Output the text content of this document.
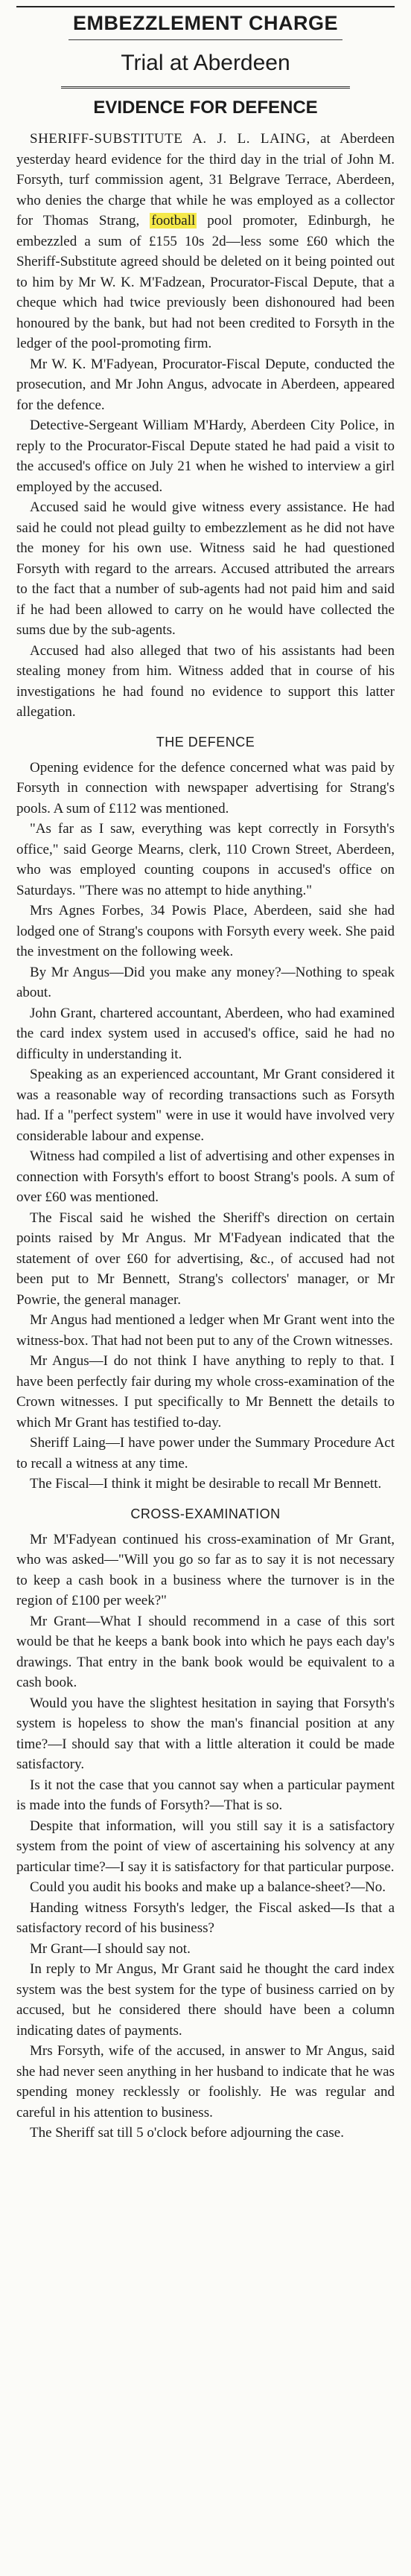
EMBEZZLEMENT CHARGE
Trial at Aberdeen
EVIDENCE FOR DEFENCE

SHERIFF-SUBSTITUTE A. J. L. LAING, at Aberdeen yesterday heard evidence for the third day in the trial of John M. Forsyth, turf commission agent, 31 Belgrave Terrace, Aberdeen, who denies the charge that while he was employed as a collector for Thomas Strang, football pool promoter, Edinburgh, he embezzled a sum of £155 10s 2d—less some £60 which the Sheriff-Substitute agreed should be deleted on it being pointed out to him by Mr W. K. M'Fadzean, Procurator-Fiscal Depute, that a cheque which had twice previously been dishonoured had been honoured by the bank, but had not been credited to Forsyth in the ledger of the pool-promoting firm.

Mr W. K. M'Fadyean, Procurator-Fiscal Depute, conducted the prosecution, and Mr John Angus, advocate in Aberdeen, appeared for the defence.

Detective-Sergeant William M'Hardy, Aberdeen City Police, in reply to the Procurator-Fiscal Depute stated he had paid a visit to the accused's office on July 21 when he wished to interview a girl employed by the accused.

Accused said he would give witness every assistance. He had said he could not plead guilty to embezzlement as he did not have the money for his own use. Witness said he had questioned Forsyth with regard to the arrears. Accused attributed the arrears to the fact that a number of sub-agents had not paid him and said if he had been allowed to carry on he would have collected the sums due by the sub-agents.

Accused had also alleged that two of his assistants had been stealing money from him. Witness added that in course of his investigations he had found no evidence to support this latter allegation.

THE DEFENCE

Opening evidence for the defence concerned what was paid by Forsyth in connection with newspaper advertising for Strang's pools. A sum of £112 was mentioned.

"As far as I saw, everything was kept correctly in Forsyth's office," said George Mearns, clerk, 110 Crown Street, Aberdeen, who was employed counting coupons in accused's office on Saturdays. "There was no attempt to hide anything."

Mrs Agnes Forbes, 34 Powis Place, Aberdeen, said she had lodged one of Strang's coupons with Forsyth every week. She paid the investment on the following week.

By Mr Angus—Did you make any money?—Nothing to speak about.

John Grant, chartered accountant, Aberdeen, who had examined the card index system used in accused's office, said he had no difficulty in understanding it.

Speaking as an experienced accountant, Mr Grant considered it was a reasonable way of recording transactions such as Forsyth had. If a "perfect system" were in use it would have involved very considerable labour and expense.

Witness had compiled a list of advertising and other expenses in connection with Forsyth's effort to boost Strang's pools. A sum of over £60 was mentioned.

The Fiscal said he wished the Sheriff's direction on certain points raised by Mr Angus. Mr M'Fadyean indicated that the statement of over £60 for advertising, &c., of accused had not been put to Mr Bennett, Strang's collectors' manager, or Mr Powrie, the general manager.

Mr Angus had mentioned a ledger when Mr Grant went into the witness-box. That had not been put to any of the Crown witnesses.

Mr Angus—I do not think I have anything to reply to that. I have been perfectly fair during my whole cross-examination of the Crown witnesses. I put specifically to Mr Bennett the details to which Mr Grant has testified to-day.

Sheriff Laing—I have power under the Summary Procedure Act to recall a witness at any time.

The Fiscal—I think it might be desirable to recall Mr Bennett.

CROSS-EXAMINATION

Mr M'Fadyean continued his cross-examination of Mr Grant, who was asked—"Will you go so far as to say it is not necessary to keep a cash book in a business where the turnover is in the region of £100 per week?"

Mr Grant—What I should recommend in a case of this sort would be that he keeps a bank book into which he pays each day's drawings. That entry in the bank book would be equivalent to a cash book.

Would you have the slightest hesitation in saying that Forsyth's system is hopeless to show the man's financial position at any time?—I should say that with a little alteration it could be made satisfactory.

Is it not the case that you cannot say when a particular payment is made into the funds of Forsyth?—That is so.

Despite that information, will you still say it is a satisfactory system from the point of view of ascertaining his solvency at any particular time?—I say it is satisfactory for that particular purpose.

Could you audit his books and make up a balance-sheet?—No.

Handing witness Forsyth's ledger, the Fiscal asked—Is that a satisfactory record of his business?

Mr Grant—I should say not.

In reply to Mr Angus, Mr Grant said he thought the card index system was the best system for the type of business carried on by accused, but he considered there should have been a column indicating dates of payments.

Mrs Forsyth, wife of the accused, in answer to Mr Angus, said she had never seen anything in her husband to indicate that he was spending money recklessly or foolishly. He was regular and careful in his attention to business.

The Sheriff sat till 5 o'clock before adjourning the case.
